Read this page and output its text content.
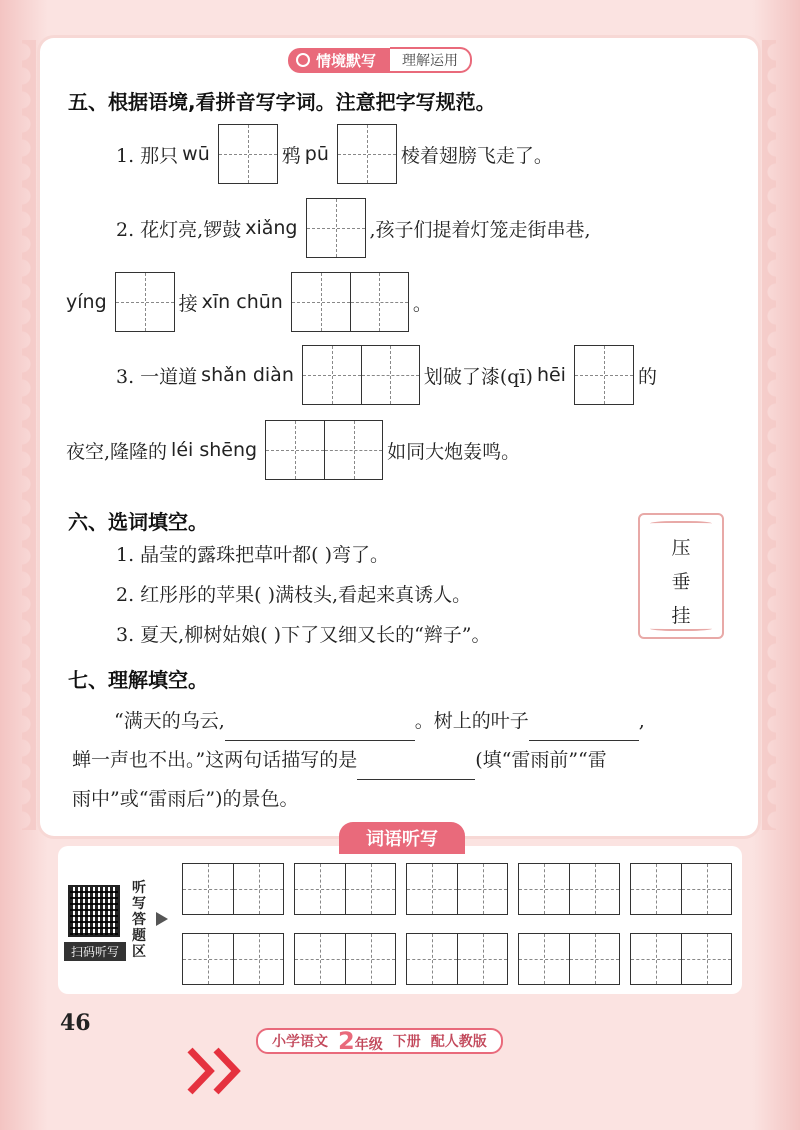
情境默写	理解运用
五、根据语境,看拼音写字词。注意把字写规范。
1. 那只 wū	鸦 pū	棱着翅膀飞走了。
2. 花灯亮,锣鼓 xiǎng	,孩子们提着灯笼走街串巷,
yíng	接 xīn chūn	。
3. 一道道 shǎn diàn	划破了漆(qī) hēi	的
夜空,隆隆的 léi shēng	如同大炮轰鸣。
六、选词填空。
1. 晶莹的露珠把草叶都( )弯了。
2. 红彤彤的苹果( )满枝头,看起来真诱人。
3. 夏天,柳树姑娘( )下了又细又长的“辫子”。
压
垂
挂
七、理解填空。
“满天的乌云,	。树上的叶子	,
蝉一声也不出。”这两句话描写的是	(填“雷雨前”“雷
雨中”或“雷雨后”)的景色。
词语听写
扫码听写
听写答题区
46
小学语文 2年级 下册 配人教版
